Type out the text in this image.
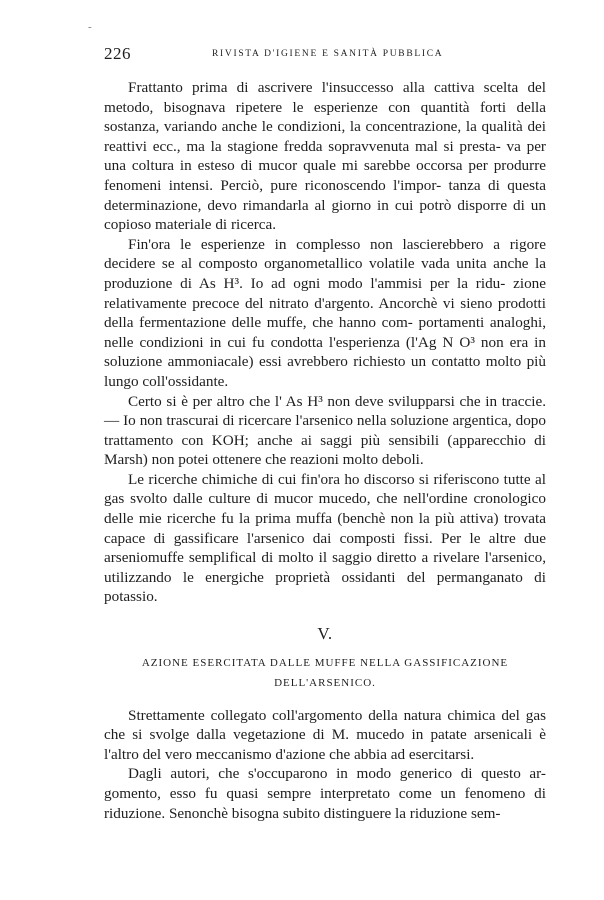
-
226	RIVISTA D'IGIENE E SANITÀ PUBBLICA

Frattanto prima di ascrivere l'insuccesso alla cattiva scelta del metodo, bisognava ripetere le esperienze con quantità forti della sostanza, variando anche le condizioni, la concentrazione, la qualità dei reattivi ecc., ma la stagione fredda sopravvenuta mal si presta- va per una coltura in esteso di mucor quale mi sarebbe occorsa per produrre fenomeni intensi. Perciò, pure riconoscendo l'impor- tanza di questa determinazione, devo rimandarla al giorno in cui potrò disporre di un copioso materiale di ricerca.

Fin'ora le esperienze in complesso non lascierebbero a rigore decidere se al composto organometallico volatile vada unita anche la produzione di As H³. Io ad ogni modo l'ammisi per la ridu- zione relativamente precoce del nitrato d'argento. Ancorchè vi sieno prodotti della fermentazione delle muffe, che hanno com- portamenti analoghi, nelle condizioni in cui fu condotta l'esperienza (l'Ag N O³ non era in soluzione ammoniacale) essi avrebbero richiesto un contatto molto più lungo coll'ossidante.

Certo si è per altro che l' As H³ non deve svilupparsi che in traccie. — Io non trascurai di ricercare l'arsenico nella soluzione argentica, dopo trattamento con KOH; anche ai saggi più sensibili (apparecchio di Marsh) non potei ottenere che reazioni molto deboli.

Le ricerche chimiche di cui fin'ora ho discorso si riferiscono tutte al gas svolto dalle culture di mucor mucedo, che nell'ordine cronologico delle mie ricerche fu la prima muffa (benchè non la più attiva) trovata capace di gassificare l'arsenico dai composti fissi. Per le altre due arseniomuffe semplifical di molto il saggio diretto a rivelare l'arsenico, utilizzando le energiche proprietà ossidanti del permanganato di potassio.

V.
AZIONE ESERCITATA DALLE MUFFE NELLA GASSIFICAZIONE
DELL'ARSENICO.

Strettamente collegato coll'argomento della natura chimica del gas che si svolge dalla vegetazione di M. mucedo in patate arsenicali è l'altro del vero meccanismo d'azione che abbia ad esercitarsi.

Dagli autori, che s'occuparono in modo generico di questo ar- gomento, esso fu quasi sempre interpretato come un fenomeno di riduzione. Senonchè bisogna subito distinguere la riduzione sem-
